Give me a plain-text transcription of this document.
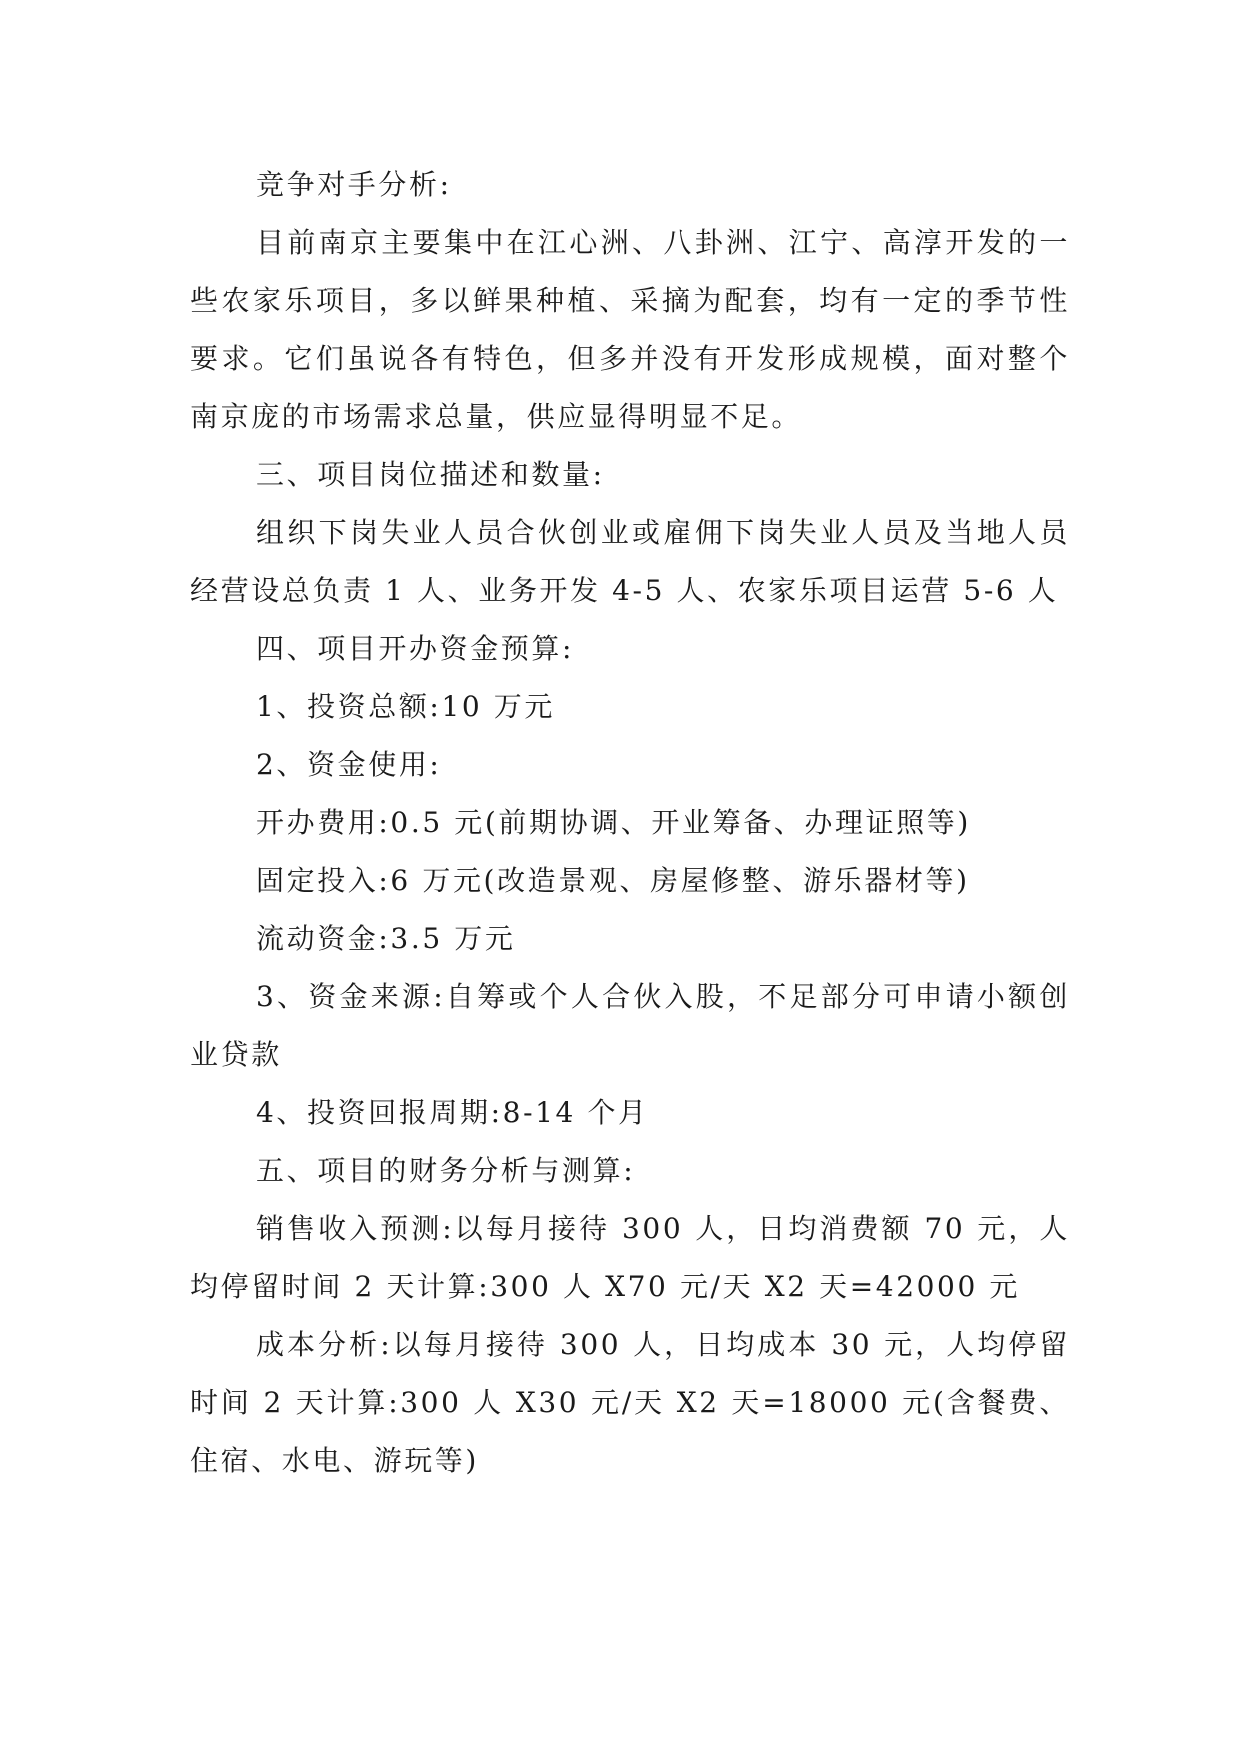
竞争对手分析:

目前南京主要集中在江心洲、八卦洲、江宁、高淳开发的一些农家乐项目，多以鲜果种植、采摘为配套，均有一定的季节性要求。它们虽说各有特色，但多并没有开发形成规模，面对整个南京庞的市场需求总量，供应显得明显不足。

三、项目岗位描述和数量:

组织下岗失业人员合伙创业或雇佣下岗失业人员及当地人员经营设总负责 1 人、业务开发 4-5 人、农家乐项目运营 5-6 人

四、项目开办资金预算:

1、投资总额:10 万元

2、资金使用:

开办费用:0.5 元(前期协调、开业筹备、办理证照等)

固定投入:6 万元(改造景观、房屋修整、游乐器材等)

流动资金:3.5 万元

3、资金来源:自筹或个人合伙入股，不足部分可申请小额创业贷款

4、投资回报周期:8-14 个月

五、项目的财务分析与测算:

销售收入预测:以每月接待 300 人，日均消费额 70 元，人均停留时间 2 天计算:300 人 X70 元/天 X2 天=42000 元

成本分析:以每月接待 300 人，日均成本 30 元，人均停留时间 2 天计算:300 人 X30 元/天 X2 天=18000 元(含餐费、住宿、水电、游玩等)
